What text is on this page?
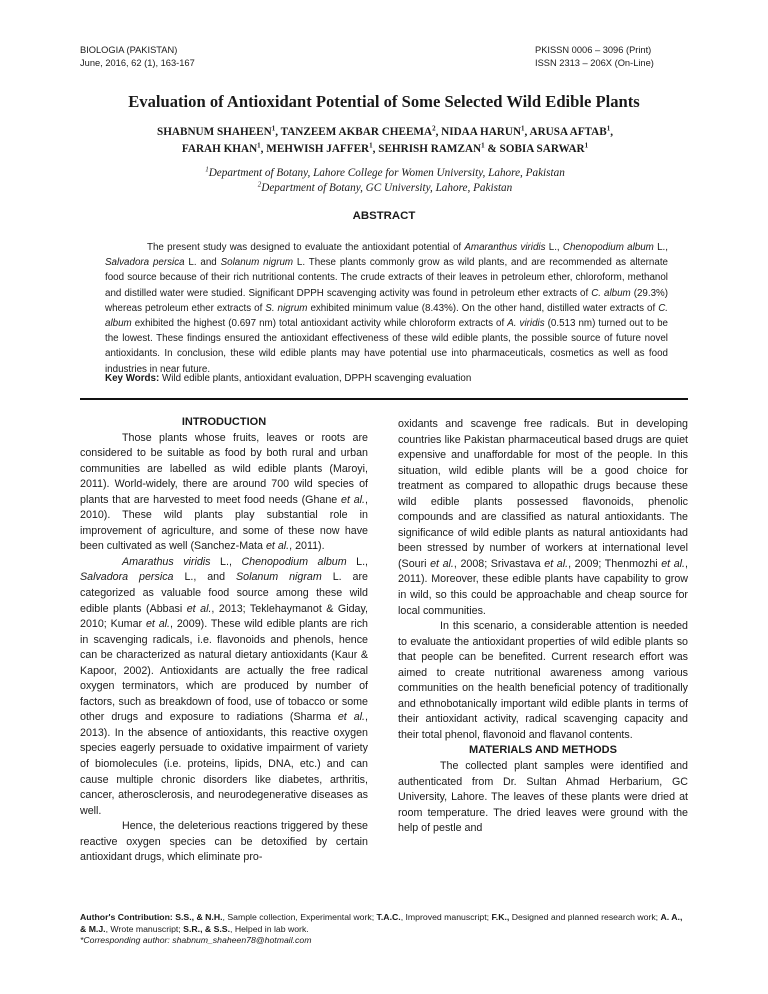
BIOLOGIA (PAKISTAN)
June, 2016, 62 (1), 163-167
PKISSN 0006 – 3096 (Print)
ISSN 2313 – 206X (On-Line)
Evaluation of Antioxidant Potential of Some Selected Wild Edible Plants
SHABNUM SHAHEEN$^1$, TANZEEM AKBAR CHEEMA$^2$, NIDAA HARUN$^1$, ARUSA AFTAB$^1$,
FARAH KHAN$^1$, MEHWISH JAFFER$^1$, SEHRISH RAMZAN$^1$ & SOBIA SARWAR$^1$
$^1$Department of Botany, Lahore College for Women University, Lahore, Pakistan
$^2$Department of Botany, GC University, Lahore, Pakistan
ABSTRACT

The present study was designed to evaluate the antioxidant potential of Amaranthus viridis L., Chenopodium album L., Salvadora persica L. and Solanum nigrum L. These plants commonly grow as wild plants, and are recommended as alternate food source because of their rich nutritional contents. The crude extracts of their leaves in petroleum ether, chloroform, methanol and distilled water were studied. Significant DPPH scavenging activity was found in petroleum ether extracts of C. album (29.3%) whereas petroleum ether extracts of S. nigrum exhibited minimum value (8.43%). On the other hand, distilled water extracts of C. album exhibited the highest (0.697 nm) total antioxidant activity while chloroform extracts of A. viridis (0.513 nm) turned out to be the lowest. These findings ensured the antioxidant effectiveness of these wild edible plants, the possible source of future novel antioxidants. In conclusion, these wild edible plants may have potential use into pharmaceuticals, cosmetics as well as food industries in near future.

Key Words: Wild edible plants, antioxidant evaluation, DPPH scavenging evaluation

INTRODUCTION

Those plants whose fruits, leaves or roots are considered to be suitable as food by both rural and urban communities are labelled as wild edible plants (Maroyi, 2011). World-widely, there are around 700 wild species of plants that are harvested to meet food needs (Ghane et al., 2010). These wild plants play substantial role in improvement of agriculture, and some of these now have been cultivated as well (Sanchez-Mata et al., 2011).

Amarathus viridis L., Chenopodium album L., Salvadora persica L., and Solanum nigram L. are categorized as valuable food source among these wild edible plants (Abbasi et al., 2013; Teklehaymanot & Giday, 2010; Kumar et al., 2009). These wild edible plants are rich in scavenging radicals, i.e. flavonoids and phenols, hence can be characterized as natural dietary antioxidants (Kaur & Kapoor, 2002). Antioxidants are actually the free radical oxygen terminators, which are produced by number of factors, such as breakdown of food, use of tobacco or some other drugs and exposure to radiations (Sharma et al., 2013). In the absence of antioxidants, this reactive oxygen species eagerly persuade to oxidative impairment of variety of biomolecules (i.e. proteins, lipids, DNA, etc.) and can cause multiple chronic disorders like diabetes, arthritis, cancer, atherosclerosis, and neurodegenerative diseases as well.

Hence, the deleterious reactions triggered by these reactive oxygen species can be detoxified by certain antioxidant drugs, which eliminate pro-

oxidants and scavenge free radicals. But in developing countries like Pakistan pharmaceutical based drugs are quiet expensive and unaffordable for most of the people. In this situation, wild edible plants will be a good choice for treatment as compared to allopathic drugs because these wild edible plants possessed flavonoids, phenolic compounds and are classified as natural antioxidants. The significance of wild edible plants as natural antioxidants had been stressed by number of workers at international level (Souri et al., 2008; Srivastava et al., 2009; Thenmozhi et al., 2011). Moreover, these edible plants have capability to grow in wild, so this could be approachable and cheap source for local communities.

In this scenario, a considerable attention is needed to evaluate the antioxidant properties of wild edible plants so that people can be benefited. Current research effort was aimed to create nutritional awareness among various communities on the health beneficial potency of traditionally and ethnobotanically important wild edible plants in terms of their antioxidant activity, radical scavenging capacity and their total phenol, flavonoid and flavanol contents.

MATERIALS AND METHODS

The collected plant samples were identified and authenticated from Dr. Sultan Ahmad Herbarium, GC University, Lahore. The leaves of these plants were dried at room temperature. The dried leaves were ground with the help of pestle and

Author's Contribution: S.S., & N.H., Sample collection, Experimental work; T.A.C., Improved manuscript; F.K., Designed and planned research work; A. A., & M.J., Wrote manuscript; S.R., & S.S., Helped in lab work.
*Corresponding author: shabnum_shaheen78@hotmail.com
